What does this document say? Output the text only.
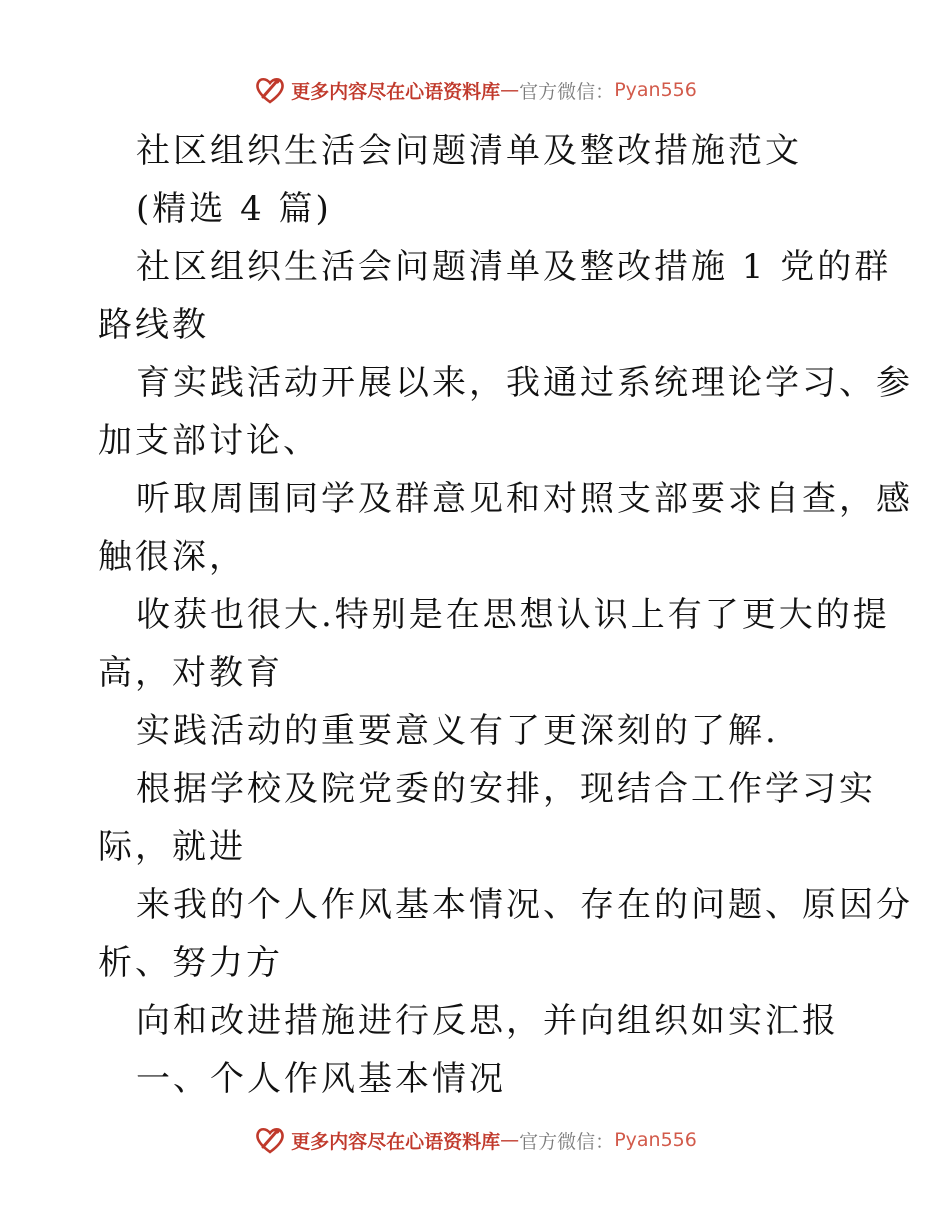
更多内容尽在心语资料库 — 官方微信： Pyan556
社区组织生活会问题清单及整改措施范文
(精选 4 篇)
社区组织生活会问题清单及整改措施 1 党的群
路线教
育实践活动开展以来，我通过系统理论学习、参
加支部讨论、
听取周围同学及群意见和对照支部要求自查，感
触很深，
收获也很大.特别是在思想认识上有了更大的提
高，对教育
实践活动的重要意义有了更深刻的了解.
根据学校及院党委的安排，现结合工作学习实
际，就进
来我的个人作风基本情况、存在的问题、原因分
析、努力方
向和改进措施进行反思，并向组织如实汇报
一、个人作风基本情况
更多内容尽在心语资料库 — 官方微信： Pyan556
